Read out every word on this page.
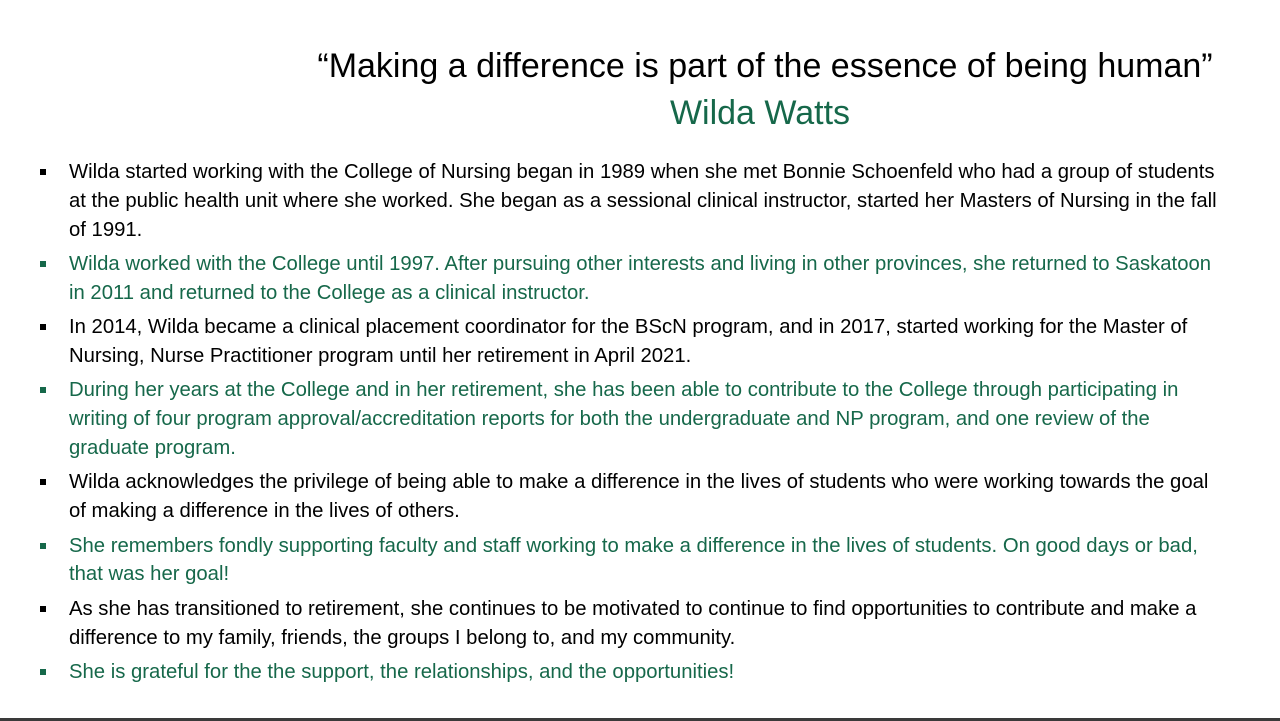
“Making a difference is part of the essence of being human”
Wilda Watts
Wilda started working with the College of Nursing began in 1989 when she met Bonnie Schoenfeld who had a group of students at the public health unit where she worked. She began as a sessional clinical instructor, started her Masters of Nursing in the fall of 1991.
Wilda worked with the College until 1997. After pursuing other interests and living in other provinces, she returned to Saskatoon in 2011 and returned to the College as a clinical instructor.
In 2014, Wilda became a clinical placement coordinator for the BScN program, and in 2017, started working for the Master of Nursing, Nurse Practitioner program until her retirement in April 2021.
During her years at the College and in her retirement, she has been able to contribute to the College through participating in writing of four program approval/accreditation reports for both the undergraduate and NP program, and one review of the graduate program.
Wilda acknowledges the privilege of being able to make a difference in the lives of students who were working towards the goal of making a difference in the lives of others.
She remembers fondly supporting faculty and staff working to make a difference in the lives of students. On good days or bad, that was her goal!
As she has transitioned to retirement, she continues to be motivated to continue to find opportunities to contribute and make a difference to my family, friends, the groups I belong to, and my community.
She is grateful for the the support, the relationships, and the opportunities!
